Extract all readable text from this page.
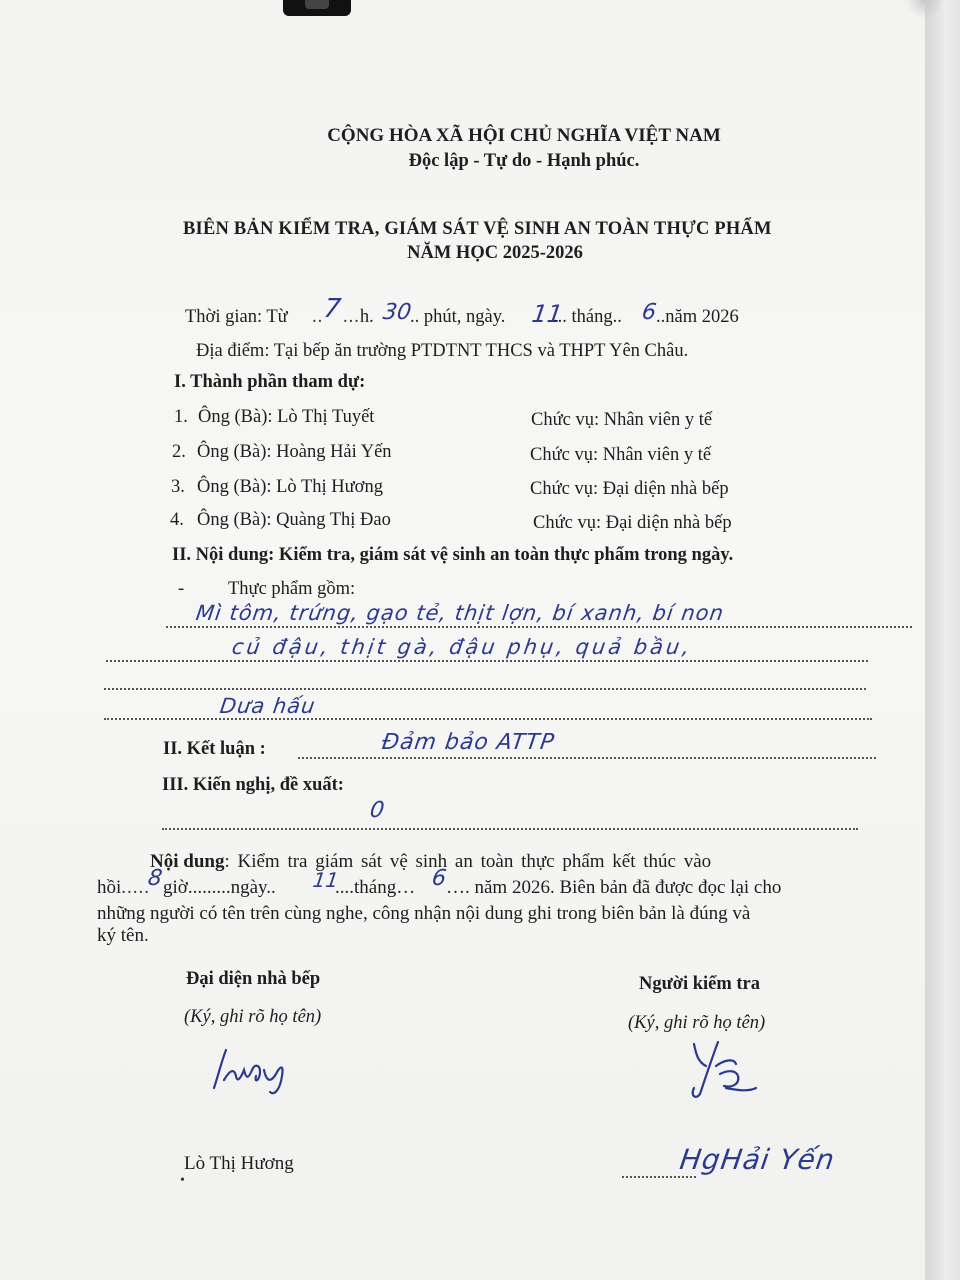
CỘNG HÒA XÃ HỘI CHỦ NGHĨA VIỆT NAM
Độc lập - Tự do - Hạnh phúc.
BIÊN BẢN KIỂM TRA, GIÁM SÁT VỆ SINH AN TOÀN THỰC PHẨM
NĂM HỌC 2025-2026
Thời gian: Từ ..
7 ...h. 30
.. phút, ngày. 11
... tháng.. 6
..năm 2026
Địa điểm: Tại bếp ăn trường PTDTNT THCS và THPT Yên Châu.
I. Thành phần tham dự:
1. Ông (Bà): Lò Thị Tuyết	Chức vụ: Nhân viên y tế
2. Ông (Bà): Hoàng Hải Yến	Chức vụ: Nhân viên y tế
3. Ông (Bà): Lò Thị Hương	Chức vụ: Đại diện nhà bếp
4. Ông (Bà): Quàng Thị Đao	Chức vụ: Đại diện nhà bếp
II. Nội dung: Kiểm tra, giám sát vệ sinh an toàn thực phẩm trong ngày.
- Thực phẩm gồm:
Mì tôm, trứng, gạo tẻ, thịt lợn, bí xanh, bí non
củ đậu, thịt gà, đậu phụ, quả bầu,
Dưa hấu
II. Kết luận :	Đảm bảo ATTP
III. Kiến nghị, đề xuất:
0
Nội dung: Kiểm tra giám sát vệ sinh an toàn thực phẩm kết thúc vào
hồi.....
8 giờ.........ngày.. 11
....tháng… 6
…. năm 2026. Biên bản đã được đọc lại cho
những người có tên trên cùng nghe, công nhận nội dung ghi trong biên bản là đúng và
ký tên.
Đại diện nhà bếp
(Ký, ghi rõ họ tên)
Lò Thị Hương
•
Người kiểm tra
(Ký, ghi rõ họ tên)
HgHải Yến
